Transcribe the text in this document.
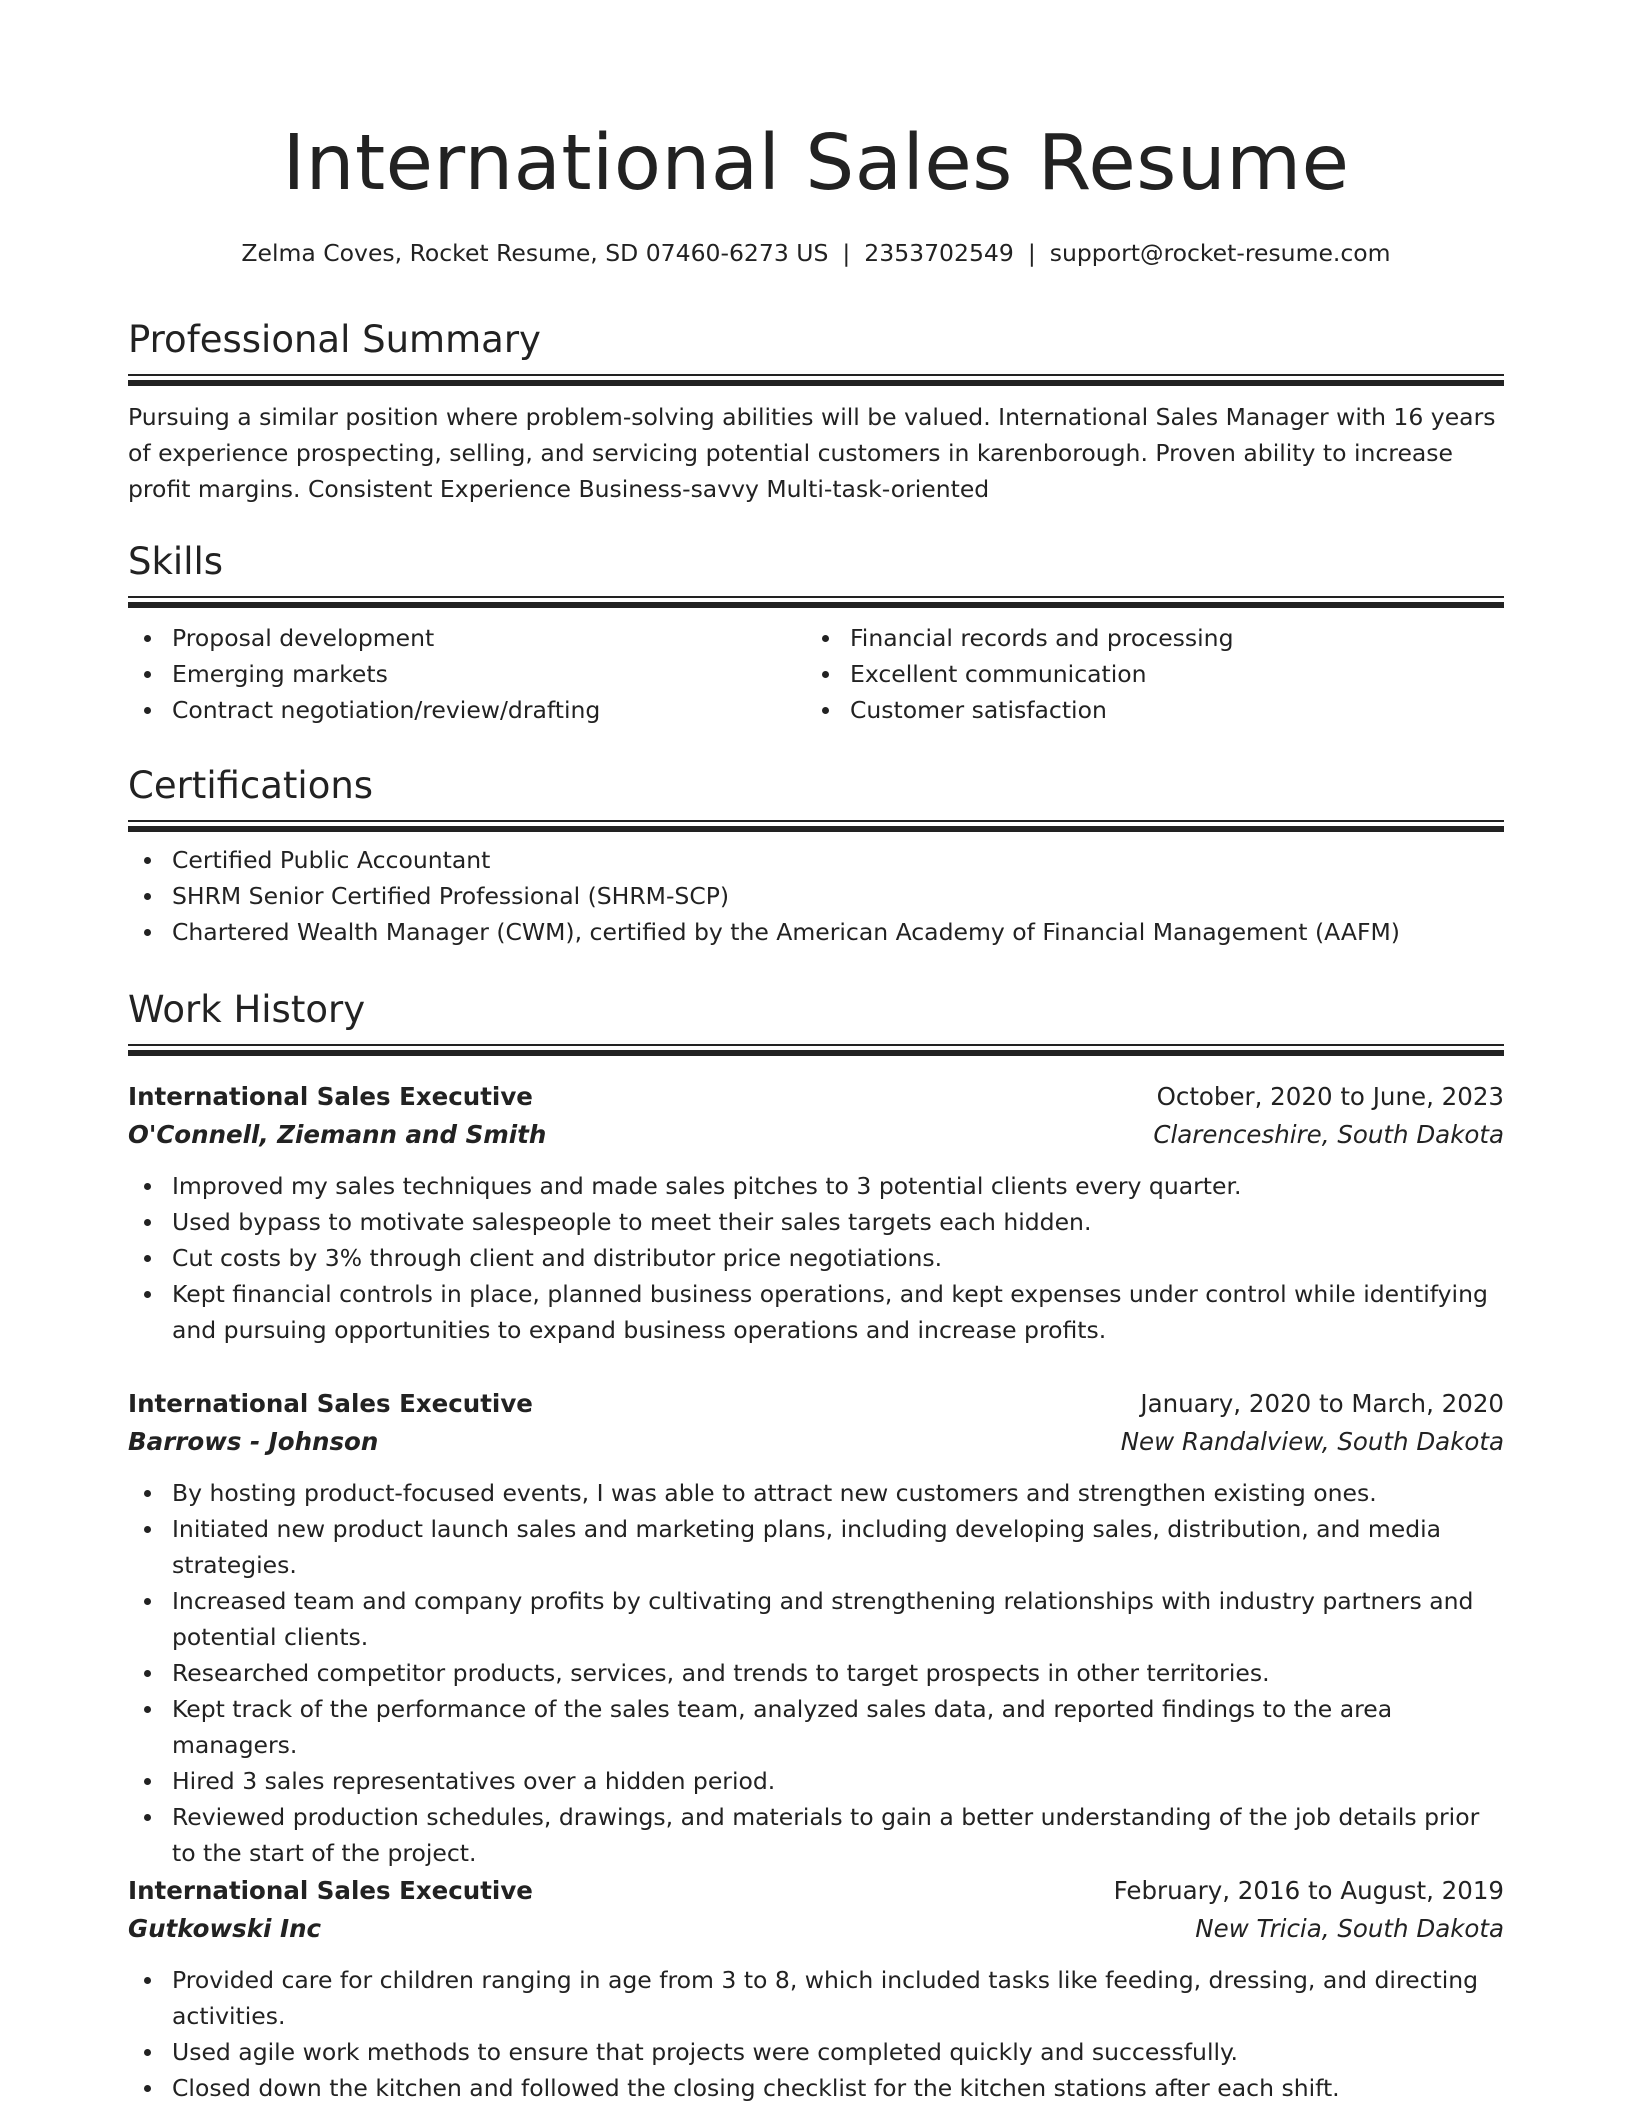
International Sales Resume
Zelma Coves, Rocket Resume, SD 07460-6273 US | 2353702549 | support@rocket-resume.com
Professional Summary
Pursuing a similar position where problem-solving abilities will be valued. International Sales Manager with 16 years of experience prospecting, selling, and servicing potential customers in karenborough. Proven ability to increase profit margins. Consistent Experience Business-savvy Multi-task-oriented
Skills
Proposal development
Emerging markets
Contract negotiation/review/drafting
Financial records and processing
Excellent communication
Customer satisfaction
Certifications
Certified Public Accountant
SHRM Senior Certified Professional (SHRM-SCP)
Chartered Wealth Manager (CWM), certified by the American Academy of Financial Management (AAFM)
Work History
International Sales Executive	October, 2020 to June, 2023
O'Connell, Ziemann and Smith	Clarenceshire, South Dakota
Improved my sales techniques and made sales pitches to 3 potential clients every quarter.
Used bypass to motivate salespeople to meet their sales targets each hidden.
Cut costs by 3% through client and distributor price negotiations.
Kept financial controls in place, planned business operations, and kept expenses under control while identifying and pursuing opportunities to expand business operations and increase profits.
International Sales Executive	January, 2020 to March, 2020
Barrows - Johnson	New Randalview, South Dakota
By hosting product-focused events, I was able to attract new customers and strengthen existing ones.
Initiated new product launch sales and marketing plans, including developing sales, distribution, and media strategies.
Increased team and company profits by cultivating and strengthening relationships with industry partners and potential clients.
Researched competitor products, services, and trends to target prospects in other territories.
Kept track of the performance of the sales team, analyzed sales data, and reported findings to the area managers.
Hired 3 sales representatives over a hidden period.
Reviewed production schedules, drawings, and materials to gain a better understanding of the job details prior to the start of the project.
International Sales Executive	February, 2016 to August, 2019
Gutkowski Inc	New Tricia, South Dakota
Provided care for children ranging in age from 3 to 8, which included tasks like feeding, dressing, and directing activities.
Used agile work methods to ensure that projects were completed quickly and successfully.
Closed down the kitchen and followed the closing checklist for the kitchen stations after each shift.
